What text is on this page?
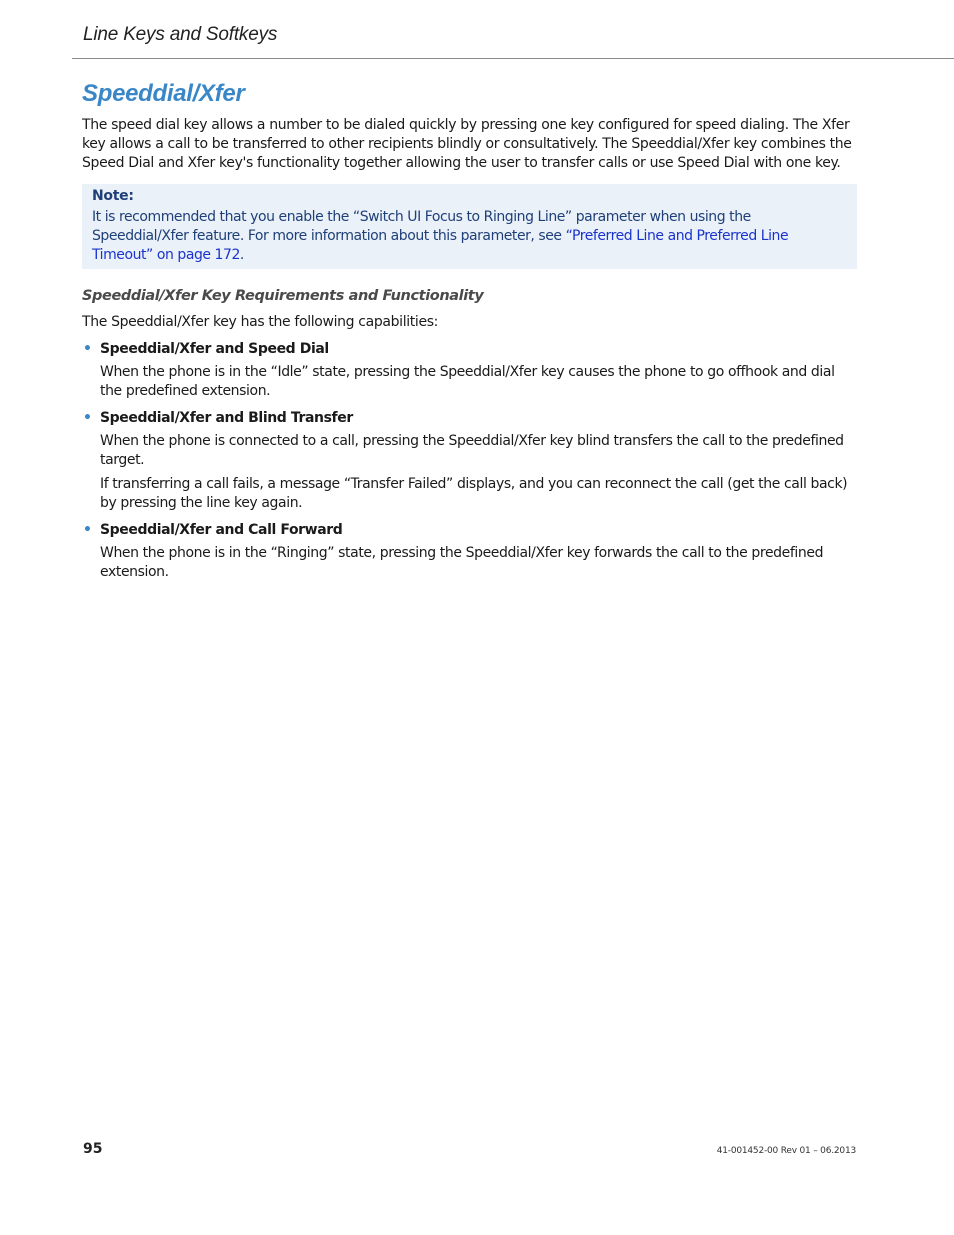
Line Keys and Softkeys
Speeddial/Xfer

The speed dial key allows a number to be dialed quickly by pressing one key configured for speed dialing. The Xfer key allows a call to be transferred to other recipients blindly or consultatively. The Speeddial/Xfer key combines the Speed Dial and Xfer key's functionality together allowing the user to transfer calls or use Speed Dial with one key.

Note:
It is recommended that you enable the “Switch UI Focus to Ringing Line” parameter when using the Speeddial/Xfer feature. For more information about this parameter, see “Preferred Line and Preferred Line Timeout” on page 172.
Speeddial/Xfer Key Requirements and Functionality

The Speeddial/Xfer key has the following capabilities:

• Speeddial/Xfer and Speed Dial

When the phone is in the “Idle” state, pressing the Speeddial/Xfer key causes the phone to go offhook and dial the predefined extension.

• Speeddial/Xfer and Blind Transfer

When the phone is connected to a call, pressing the Speeddial/Xfer key blind transfers the call to the predefined target.

If transferring a call fails, a message “Transfer Failed” displays, and you can reconnect the call (get the call back) by pressing the line key again.

• Speeddial/Xfer and Call Forward

When the phone is in the “Ringing” state, pressing the Speeddial/Xfer key forwards the call to the predefined extension.

95	41-001452-00 Rev 01 – 06.2013
